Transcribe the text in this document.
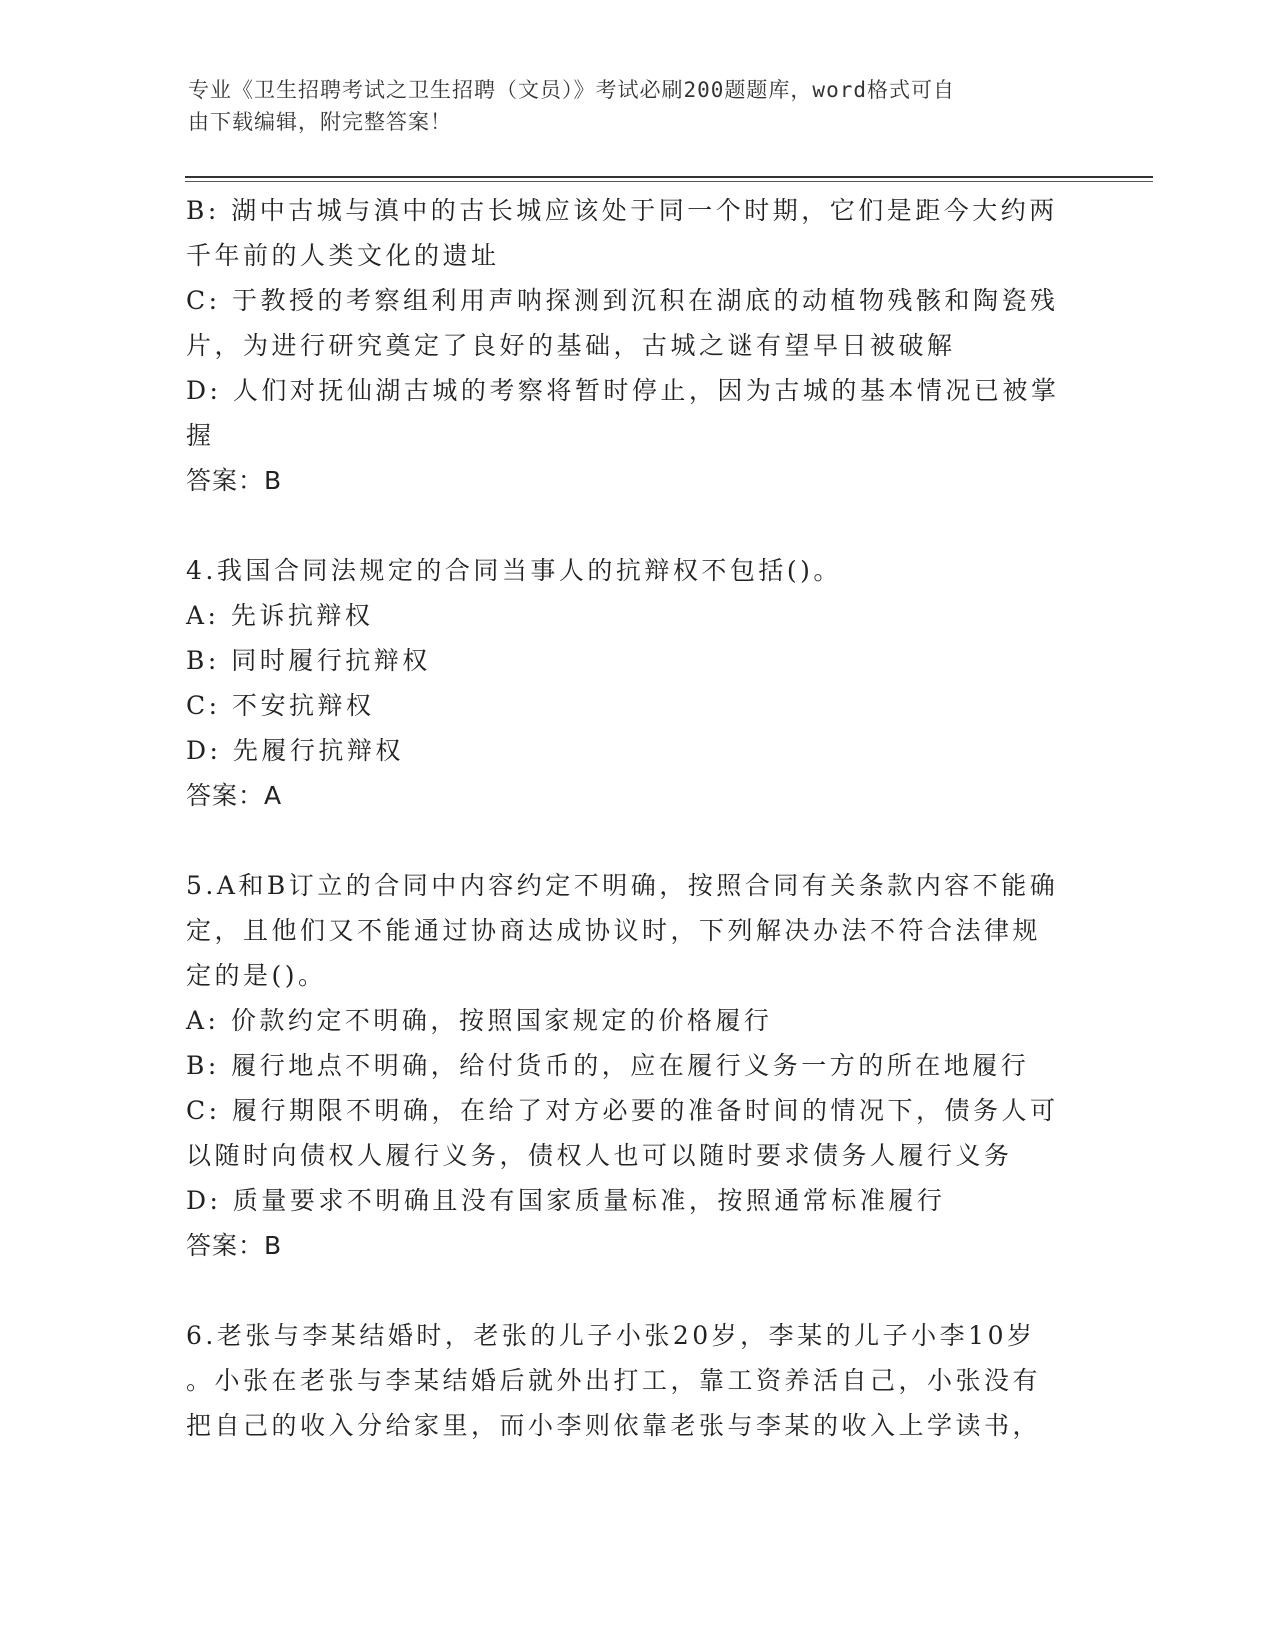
专业《卫生招聘考试之卫生招聘（文员）》考试必刷200题题库，word格式可自
由下载编辑，附完整答案！
B: 湖中古城与滇中的古长城应该处于同一个时期，它们是距今大约两
千年前的人类文化的遗址
C: 于教授的考察组利用声呐探测到沉积在湖底的动植物残骸和陶瓷残
片，为进行研究奠定了良好的基础，古城之谜有望早日被破解
D: 人们对抚仙湖古城的考察将暂时停止，因为古城的基本情况已被掌
握
答案：B
4.我国合同法规定的合同当事人的抗辩权不包括()。
A: 先诉抗辩权
B: 同时履行抗辩权
C: 不安抗辩权
D: 先履行抗辩权
答案：A
5.A和B订立的合同中内容约定不明确，按照合同有关条款内容不能确
定，且他们又不能通过协商达成协议时，下列解决办法不符合法律规
定的是()。
A: 价款约定不明确，按照国家规定的价格履行
B: 履行地点不明确，给付货币的，应在履行义务一方的所在地履行
C: 履行期限不明确，在给了对方必要的准备时间的情况下，债务人可
以随时向债权人履行义务，债权人也可以随时要求债务人履行义务
D: 质量要求不明确且没有国家质量标准，按照通常标准履行
答案：B
6.老张与李某结婚时，老张的儿子小张20岁，李某的儿子小李10岁
。小张在老张与李某结婚后就外出打工，靠工资养活自己，小张没有
把自己的收入分给家里，而小李则依靠老张与李某的收入上学读书，
